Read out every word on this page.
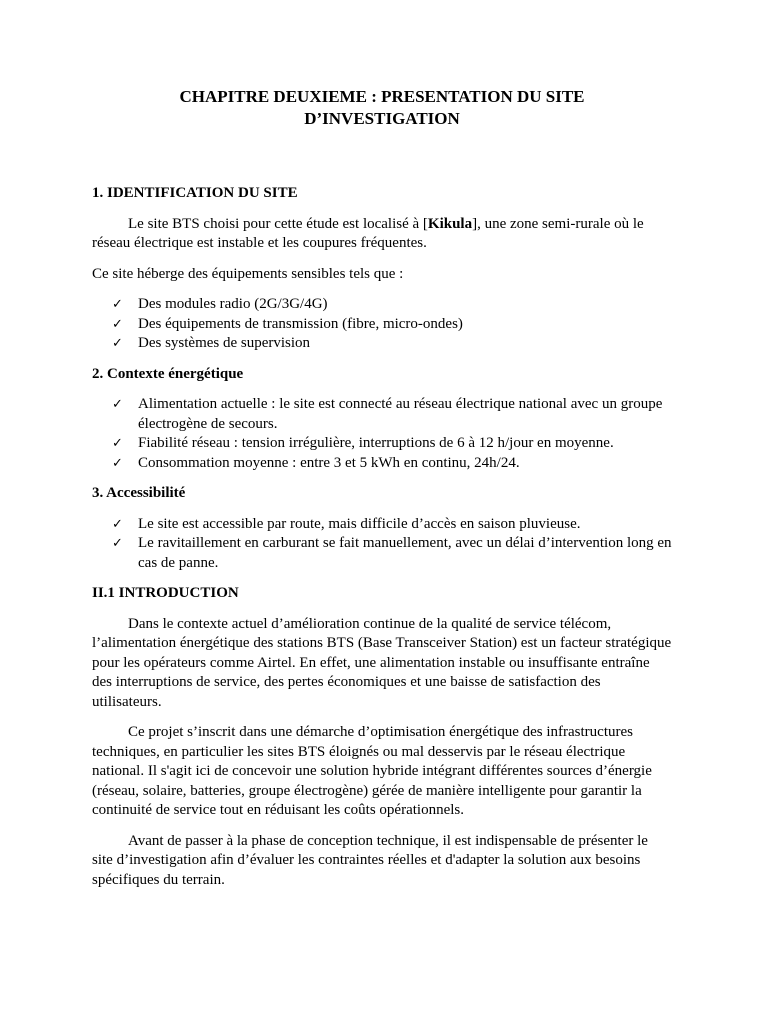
CHAPITRE DEUXIEME : PRESENTATION DU SITE
D’INVESTIGATION
1. IDENTIFICATION DU SITE

Le site BTS choisi pour cette étude est localisé à [Kikula], une zone semi-rurale où le réseau électrique est instable et les coupures fréquentes.

Ce site héberge des équipements sensibles tels que :

✓ Des modules radio (2G/3G/4G)
✓ Des équipements de transmission (fibre, micro-ondes)
✓ Des systèmes de supervision
2. Contexte énergétique
✓ Alimentation actuelle : le site est connecté au réseau électrique national avec un groupe électrogène de secours.
✓ Fiabilité réseau : tension irrégulière, interruptions de 6 à 12 h/jour en moyenne.
✓ Consommation moyenne : entre 3 et 5 kWh en continu, 24h/24.
3. Accessibilité
✓ Le site est accessible par route, mais difficile d’accès en saison pluvieuse.
✓ Le ravitaillement en carburant se fait manuellement, avec un délai d’intervention long en cas de panne.
II.1 INTRODUCTION

Dans le contexte actuel d’amélioration continue de la qualité de service télécom, l’alimentation énergétique des stations BTS (Base Transceiver Station) est un facteur stratégique pour les opérateurs comme Airtel. En effet, une alimentation instable ou insuffisante entraîne des interruptions de service, des pertes économiques et une baisse de satisfaction des utilisateurs.

Ce projet s’inscrit dans une démarche d’optimisation énergétique des infrastructures techniques, en particulier les sites BTS éloignés ou mal desservis par le réseau électrique national. Il s'agit ici de concevoir une solution hybride intégrant différentes sources d’énergie (réseau, solaire, batteries, groupe électrogène) gérée de manière intelligente pour garantir la continuité de service tout en réduisant les coûts opérationnels.

Avant de passer à la phase de conception technique, il est indispensable de présenter le site d’investigation afin d’évaluer les contraintes réelles et d'adapter la solution aux besoins spécifiques du terrain.
